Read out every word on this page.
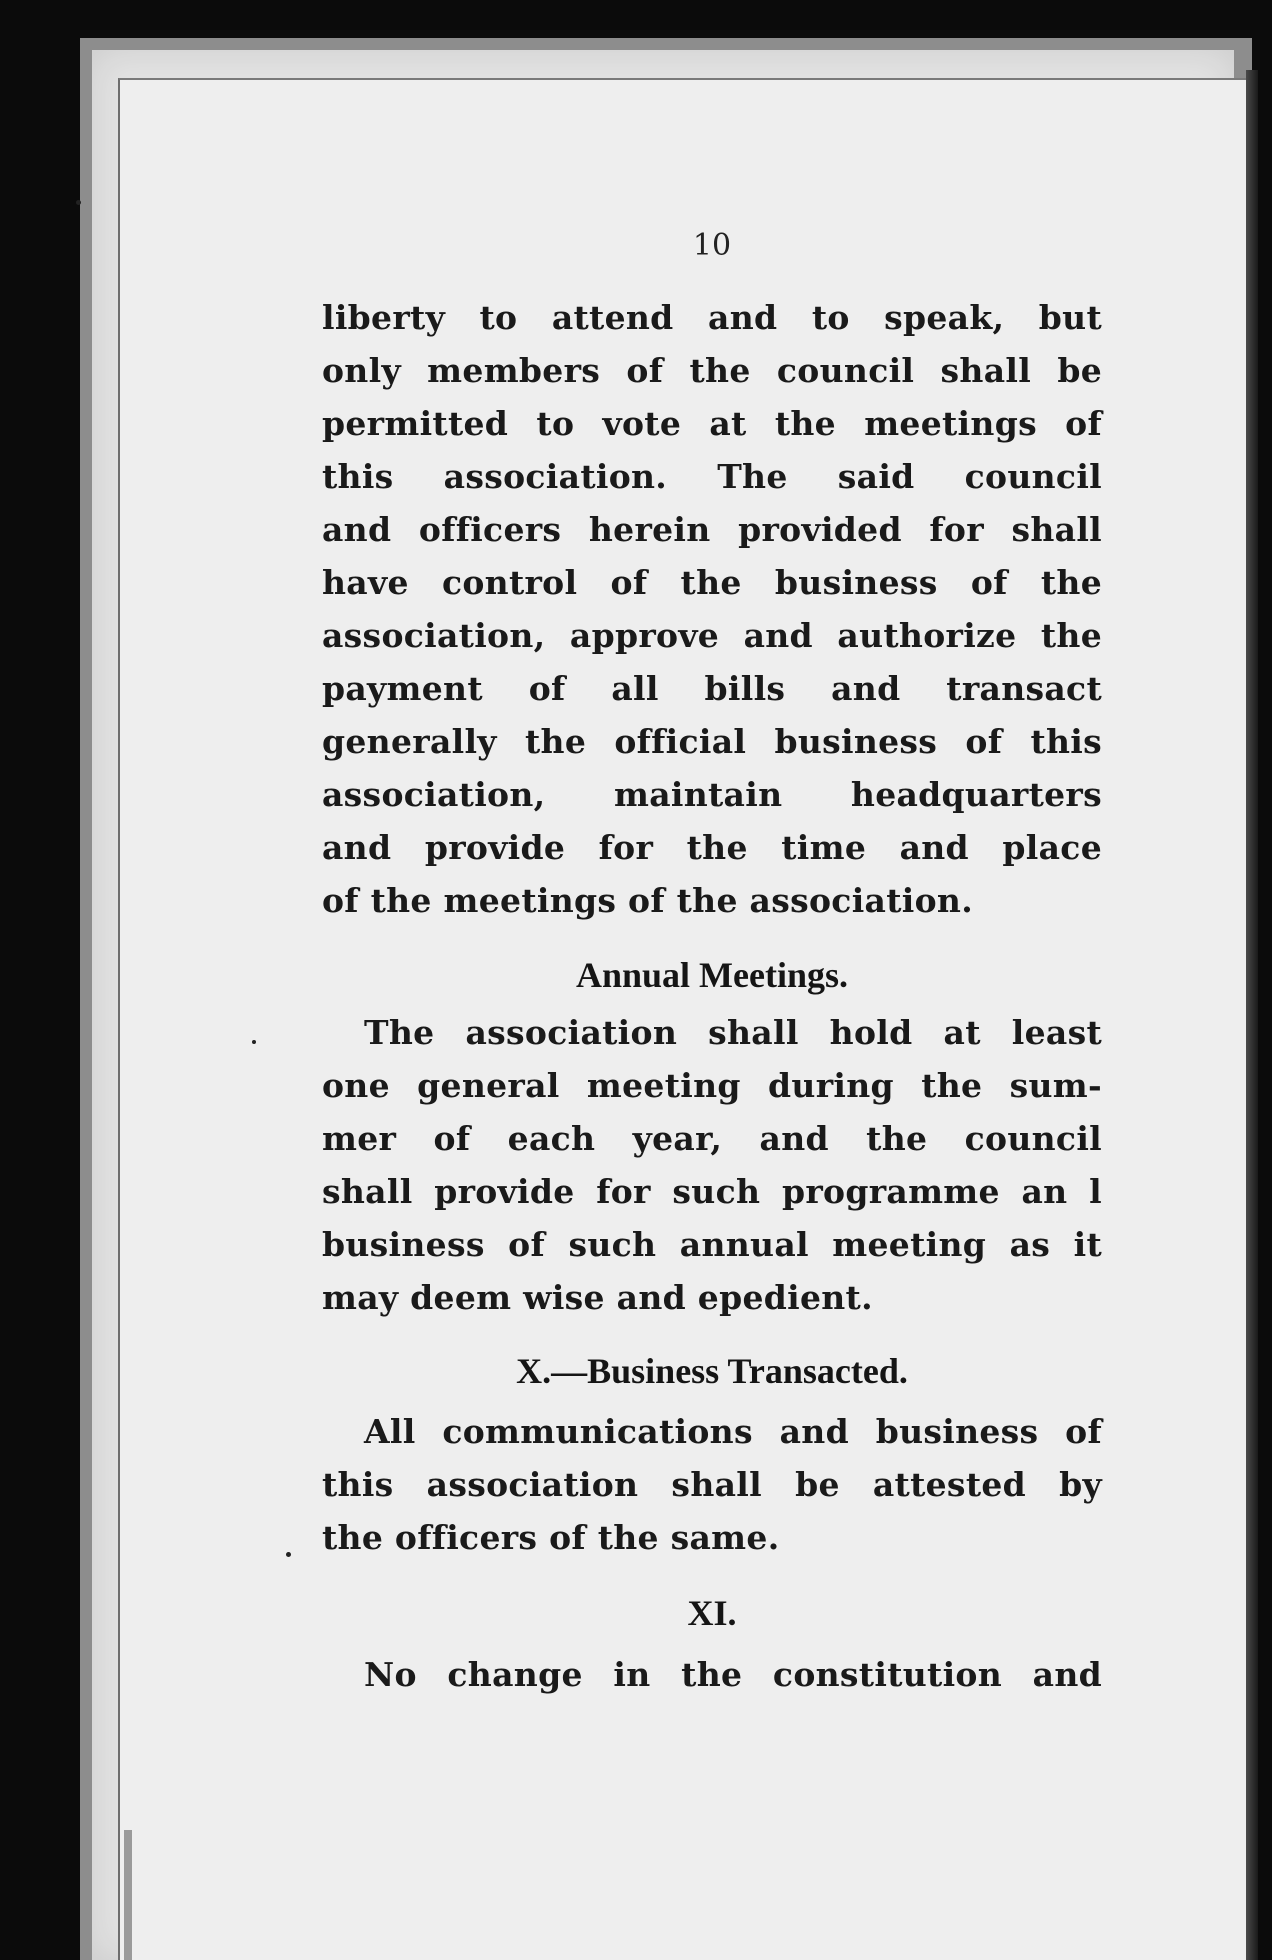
10
liberty to attend and to speak, but
only members of the council shall be
permitted to vote at the meetings of
this association. The said council
and officers herein provided for shall
have control of the business of the
association, approve and authorize the
payment of all bills and transact
generally the official business of this
association, maintain headquarters
and provide for the time and place
of the meetings of the association.
Annual Meetings.
The association shall hold at least
one general meeting during the sum-
mer of each year, and the council
shall provide for such programme an l
business of such annual meeting as it
may deem wise and epedient.
X.—Business Transacted.
All communications and business of
this association shall be attested by
the officers of the same.
XI.
No change in the constitution and
